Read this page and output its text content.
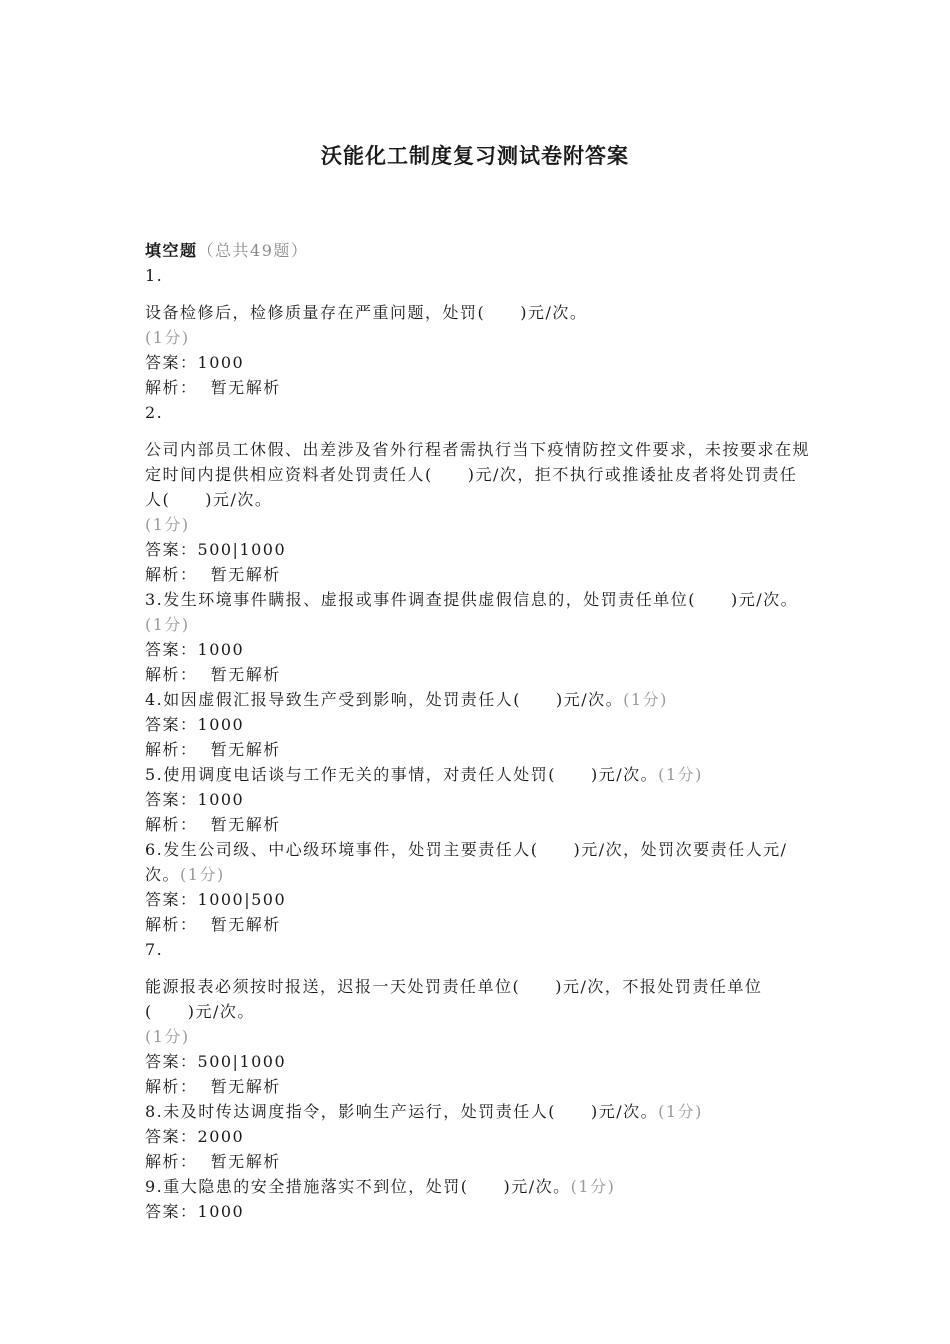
沃能化工制度复习测试卷附答案

填空题（总共49题）

1.

设备检修后，检修质量存在严重问题，处罚(　　)元/次。

(1分)

答案：1000

解析： 暂无解析

2.

公司内部员工休假、出差涉及省外行程者需执行当下疫情防控文件要求，未按要求在规定时间内提供相应资料者处罚责任人(　　)元/次，拒不执行或推诿扯皮者将处罚责任人(　　)元/次。

(1分)

答案：500|1000

解析： 暂无解析

3.发生环境事件瞒报、虚报或事件调查提供虚假信息的，处罚责任单位(　　)元/次。(1分)

答案：1000

解析： 暂无解析

4.如因虚假汇报导致生产受到影响，处罚责任人(　　)元/次。(1分)

答案：1000

解析： 暂无解析

5.使用调度电话谈与工作无关的事情，对责任人处罚(　　)元/次。(1分)

答案：1000

解析： 暂无解析

6.发生公司级、中心级环境事件，处罚主要责任人(　　)元/次，处罚次要责任人元/次。(1分)

答案：1000|500

解析： 暂无解析

7.

能源报表必须按时报送，迟报一天处罚责任单位(　　)元/次，不报处罚责任单位(　　)元/次。

(1分)

答案：500|1000

解析： 暂无解析

8.未及时传达调度指令，影响生产运行，处罚责任人(　　)元/次。(1分)

答案：2000

解析： 暂无解析

9.重大隐患的安全措施落实不到位，处罚(　　)元/次。(1分)

答案：1000
